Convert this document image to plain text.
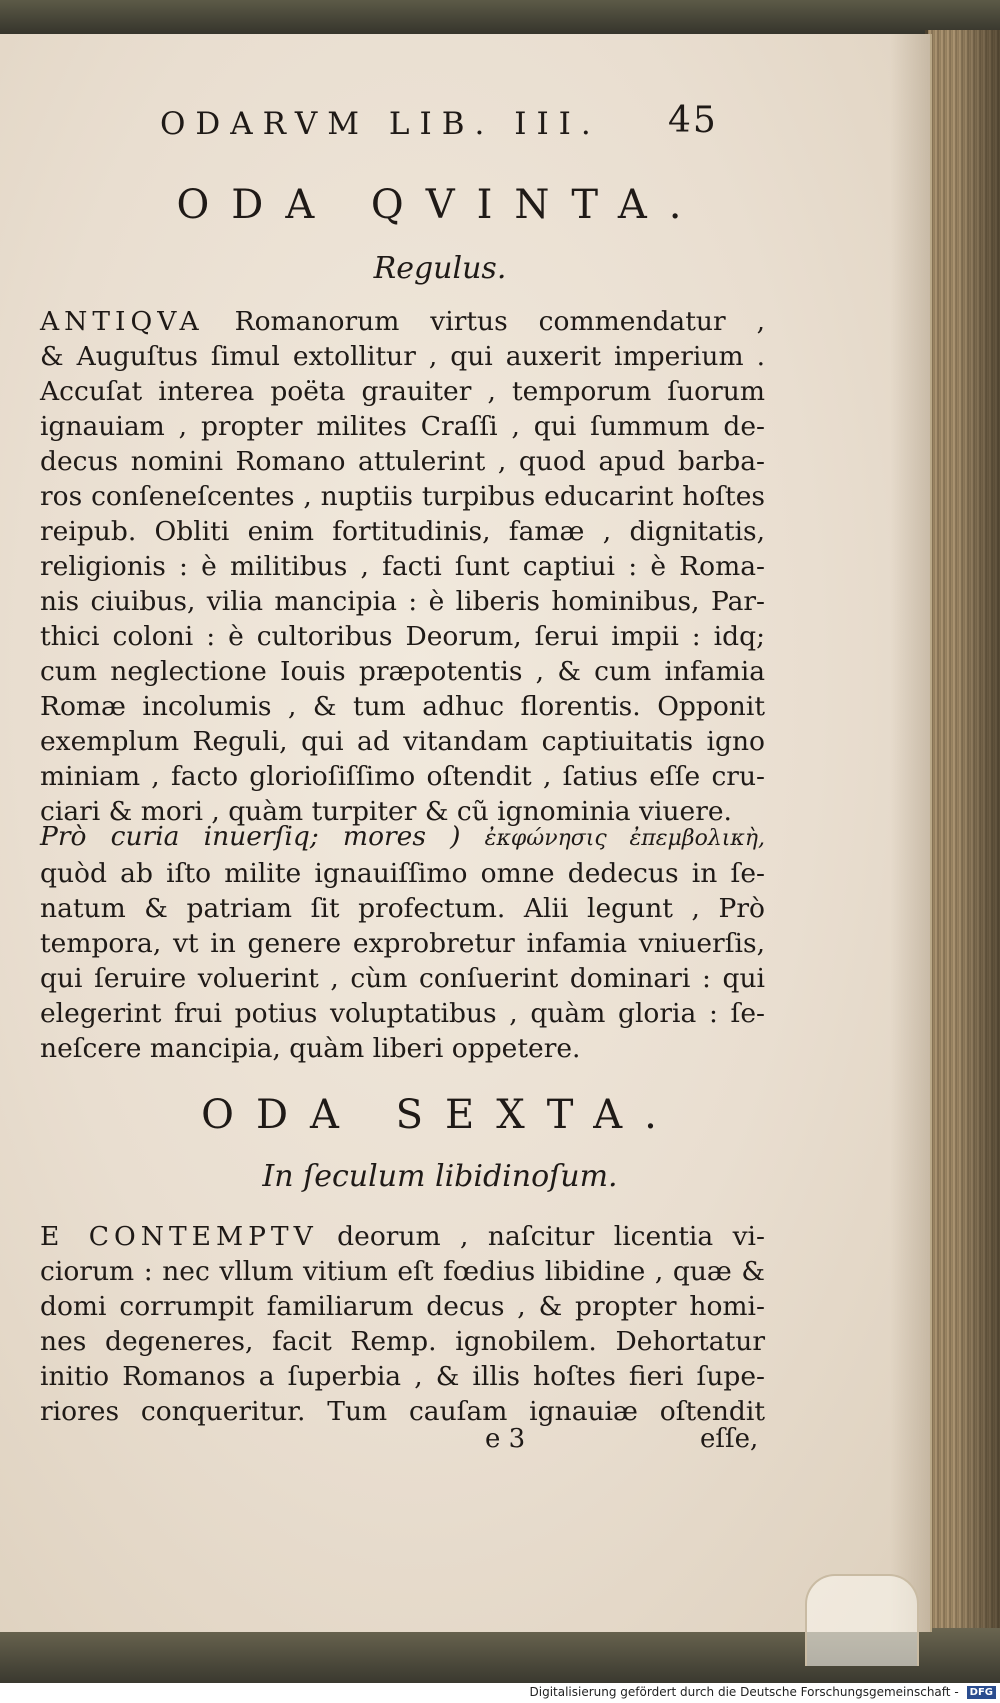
ODARVM LIB. III. 45
ODA QVINTA.
Regulus.
ANTIQVA Romanorum virtus commendatur ,
& Auguſtus ſimul extollitur , qui auxerit imperium .
Accuſat interea poëta grauiter , temporum ſuorum
ignauiam , propter milites Craſſi , qui ſummum de-
decus nomini Romano attulerint , quod apud barba-
ros conſeneſcentes , nuptiis turpibus educarint hoſtes
reipub. Obliti enim fortitudinis, famæ , dignitatis,
religionis : è militibus , facti ſunt captiui : è Roma-
nis ciuibus, vilia mancipia : è liberis hominibus, Par-
thici coloni : è cultoribus Deorum, ſerui impii : idq;
cum neglectione Iouis præpotentis , & cum infamia
Romæ incolumis , & tum adhuc florentis. Opponit
exemplum Reguli, qui ad vitandam captiuitatis igno
miniam , facto glorioſiſſimo oſtendit , ſatius eſſe cru-
ciari & mori , quàm turpiter & cũ ignominia viuere.
Prò curia inuerſiq; mores ) ἐκφώνησις ἐπεμβολικὴ,
quòd ab iſto milite ignauiſſimo omne dedecus in ſe-
natum & patriam ſit profectum. Alii legunt , Prò
tempora, vt in genere exprobretur infamia vniuerſis,
qui ſeruire voluerint , cùm conſuerint dominari : qui
elegerint frui potius voluptatibus , quàm gloria : ſe-
neſcere mancipia, quàm liberi oppetere.
ODA SEXTA.
In ſeculum libidinoſum.
E CONTEMPTV deorum , naſcitur licentia vi-
ciorum : nec vllum vitium eſt fœdius libidine , quæ &
domi corrumpit familiarum decus , & propter homi-
nes degeneres, facit Remp. ignobilem. Dehortatur
initio Romanos a ſuperbia , & illis hoſtes fieri ſupe-
riores conqueritur. Tum cauſam ignauiæ oſtendit
e 3	eſſe,
Digitalisierung gefördert durch die Deutsche Forschungsgemeinschaft - DFG
